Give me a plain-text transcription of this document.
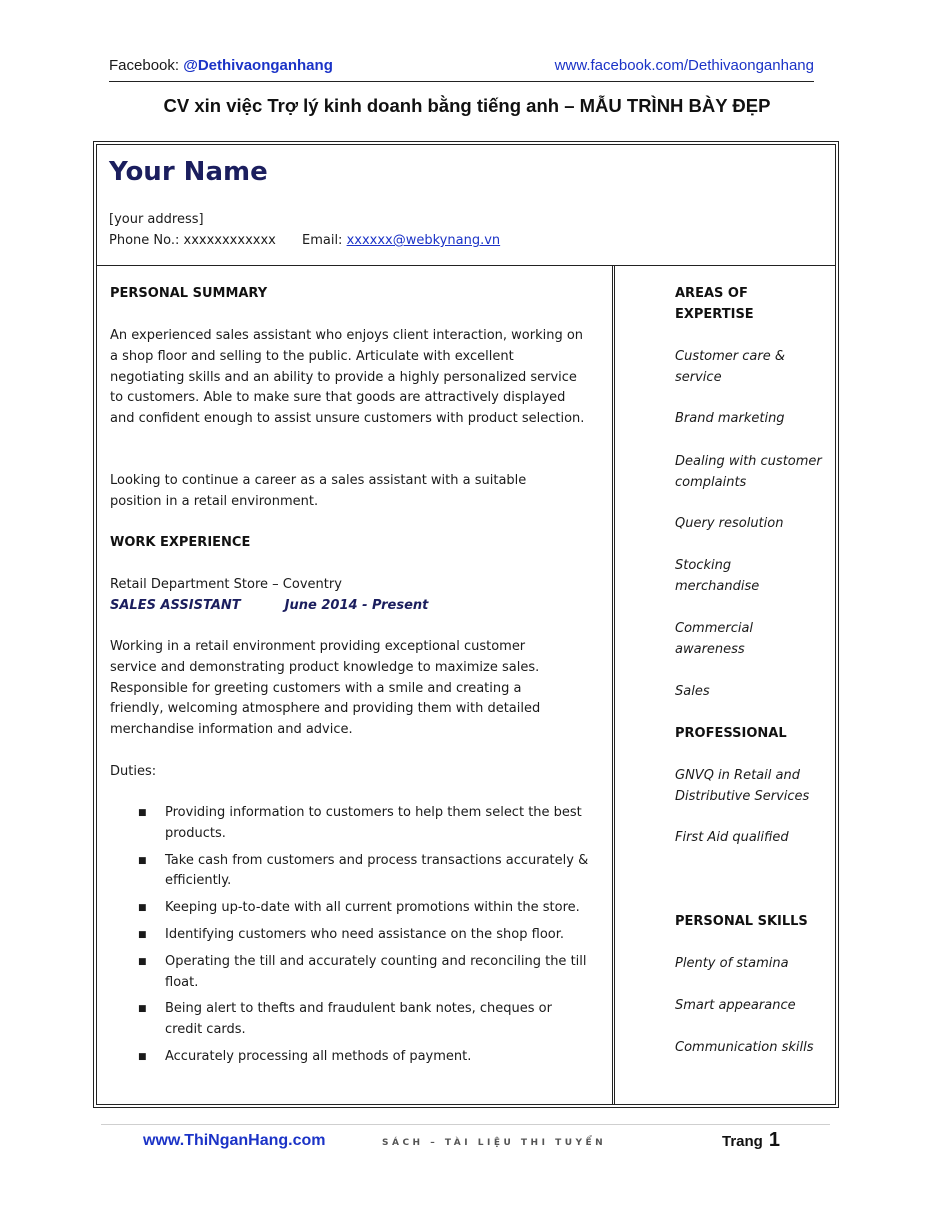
Facebook: @Dethivaonganhang	www.facebook.com/Dethivaonganhang
CV xin việc Trợ lý kinh doanh bằng tiếng anh – MẪU TRÌNH BÀY ĐẸP
Your Name
[your address]
Phone No.: xxxxxxxxxxxx Email: xxxxxx@webkynang.vn
PERSONAL SUMMARY
An experienced sales assistant who enjoys client interaction, working on a shop floor and selling to the public. Articulate with excellent negotiating skills and an ability to provide a highly personalized service to customers. Able to make sure that goods are attractively displayed and confident enough to assist unsure customers with product selection.
Looking to continue a career as a sales assistant with a suitable position in a retail environment.
WORK EXPERIENCE
Retail Department Store – Coventry
SALES ASSISTANT	June 2014 - Present
Working in a retail environment providing exceptional customer service and demonstrating product knowledge to maximize sales. Responsible for greeting customers with a smile and creating a friendly, welcoming atmosphere and providing them with detailed merchandise information and advice.
Duties:
■ Providing information to customers to help them select the best products.
■ Take cash from customers and process transactions accurately & efficiently.
■ Keeping up-to-date with all current promotions within the store.
■ Identifying customers who need assistance on the shop floor.
■ Operating the till and accurately counting and reconciling the till float.
■ Being alert to thefts and fraudulent bank notes, cheques or credit cards.
■ Accurately processing all methods of payment.
AREAS OF EXPERTISE
Customer care & service
Brand marketing
Dealing with customer complaints
Query resolution
Stocking merchandise
Commercial awareness
Sales
PROFESSIONAL
GNVQ in Retail and Distributive Services
First Aid qualified
PERSONAL SKILLS
Plenty of stamina
Smart appearance
Communication skills
www.ThiNganHang.com	SÁCH – TÀI LIỆU THI TUYỂN	Trang 1
